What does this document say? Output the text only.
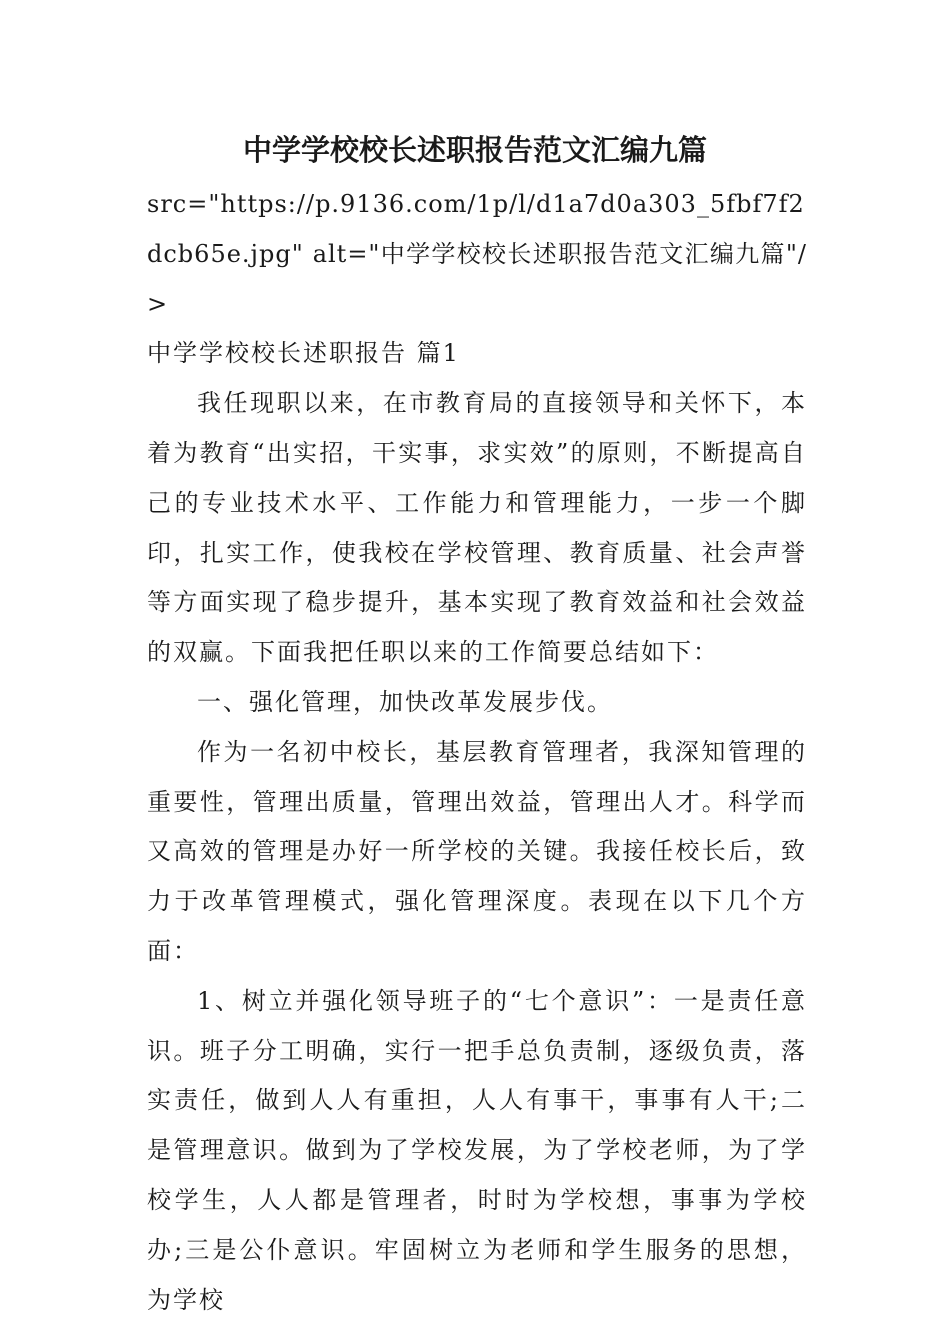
中学学校校长述职报告范文汇编九篇

src="https://p.9136.com/1p/l/d1a7d0a303_5fbf7f2dcb65e.jpg" alt="中学学校校长述职报告范文汇编九篇"/>

中学学校校长述职报告 篇1

我任现职以来，在市教育局的直接领导和关怀下，本着为教育“出实招，干实事，求实效”的原则，不断提高自己的专业技术水平、工作能力和管理能力，一步一个脚印，扎实工作，使我校在学校管理、教育质量、社会声誉等方面实现了稳步提升，基本实现了教育效益和社会效益的双赢。下面我把任职以来的工作简要总结如下：

一、强化管理，加快改革发展步伐。

作为一名初中校长，基层教育管理者，我深知管理的重要性，管理出质量，管理出效益，管理出人才。科学而又高效的管理是办好一所学校的关键。我接任校长后，致力于改革管理模式，强化管理深度。表现在以下几个方面：

1、树立并强化领导班子的“七个意识”：一是责任意识。班子分工明确，实行一把手总负责制，逐级负责，落实责任，做到人人有重担，人人有事干，事事有人干;二是管理意识。做到为了学校发展，为了学校老师，为了学校学生，人人都是管理者，时时为学校想，事事为学校办;三是公仆意识。牢固树立为老师和学生服务的思想，为学校
